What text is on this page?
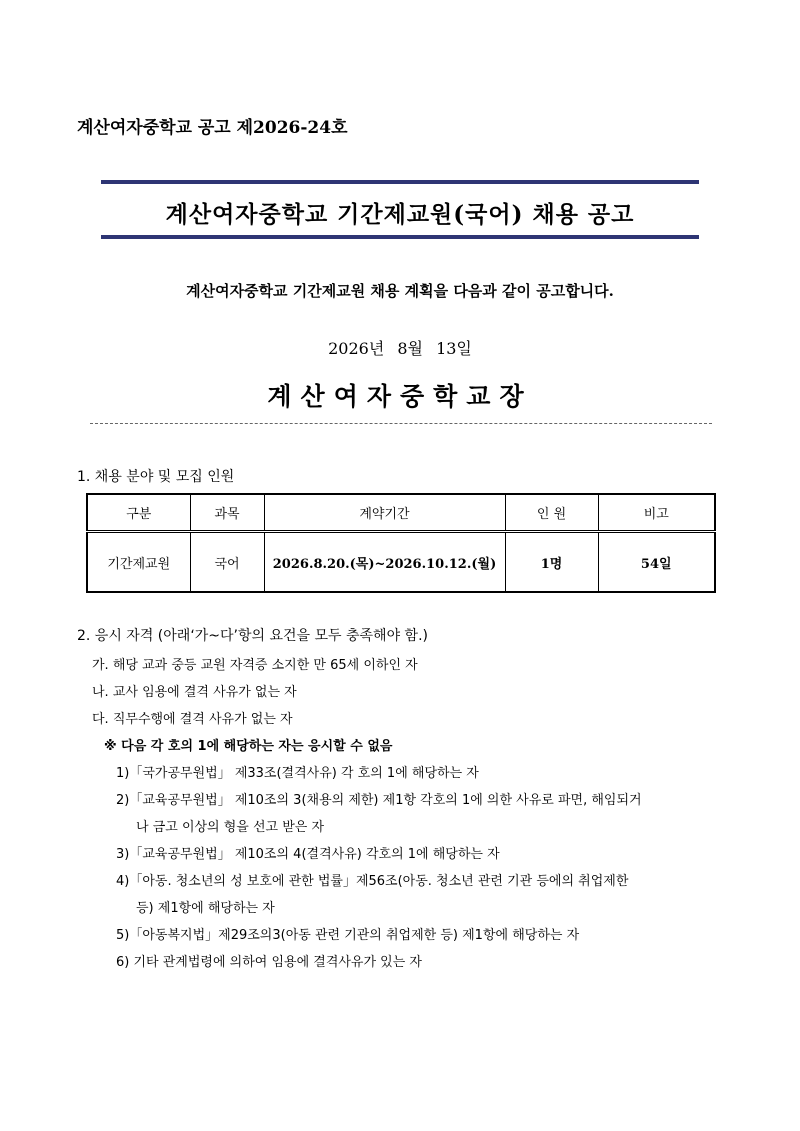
계산여자중학교 공고 제2026-24호
계산여자중학교 기간제교원(국어) 채용 공고
계산여자중학교 기간제교원 채용 계획을 다음과 같이 공고합니다.
2026년 8월 13일
계산여자중학교장
1. 채용 분야 및 모집 인원
구분	과목	계약기간	인 원	비고
기간제교원	국어	2026.8.20.(목)~2026.10.12.(월)	1명	54일
2. 응시 자격 (아래‘가~다’항의 요건을 모두 충족해야 함.)
가. 해당 교과 중등 교원 자격증 소지한 만 65세 이하인 자
나. 교사 임용에 결격 사유가 없는 자
다. 직무수행에 결격 사유가 없는 자
※ 다음 각 호의 1에 해당하는 자는 응시할 수 없음
1)「국가공무원법」 제33조(결격사유) 각 호의 1에 해당하는 자
2)「교육공무원법」 제10조의 3(채용의 제한) 제1항 각호의 1에 의한 사유로 파면, 해임되거
나 금고 이상의 형을 선고 받은 자
3)「교육공무원법」 제10조의 4(결격사유) 각호의 1에 해당하는 자
4)「아동. 청소년의 성 보호에 관한 법률」제56조(아동. 청소년 관련 기관 등에의 취업제한
등) 제1항에 해당하는 자
5)「아동복지법」제29조의3(아동 관련 기관의 취업제한 등) 제1항에 해당하는 자
6) 기타 관계법령에 의하여 임용에 결격사유가 있는 자
